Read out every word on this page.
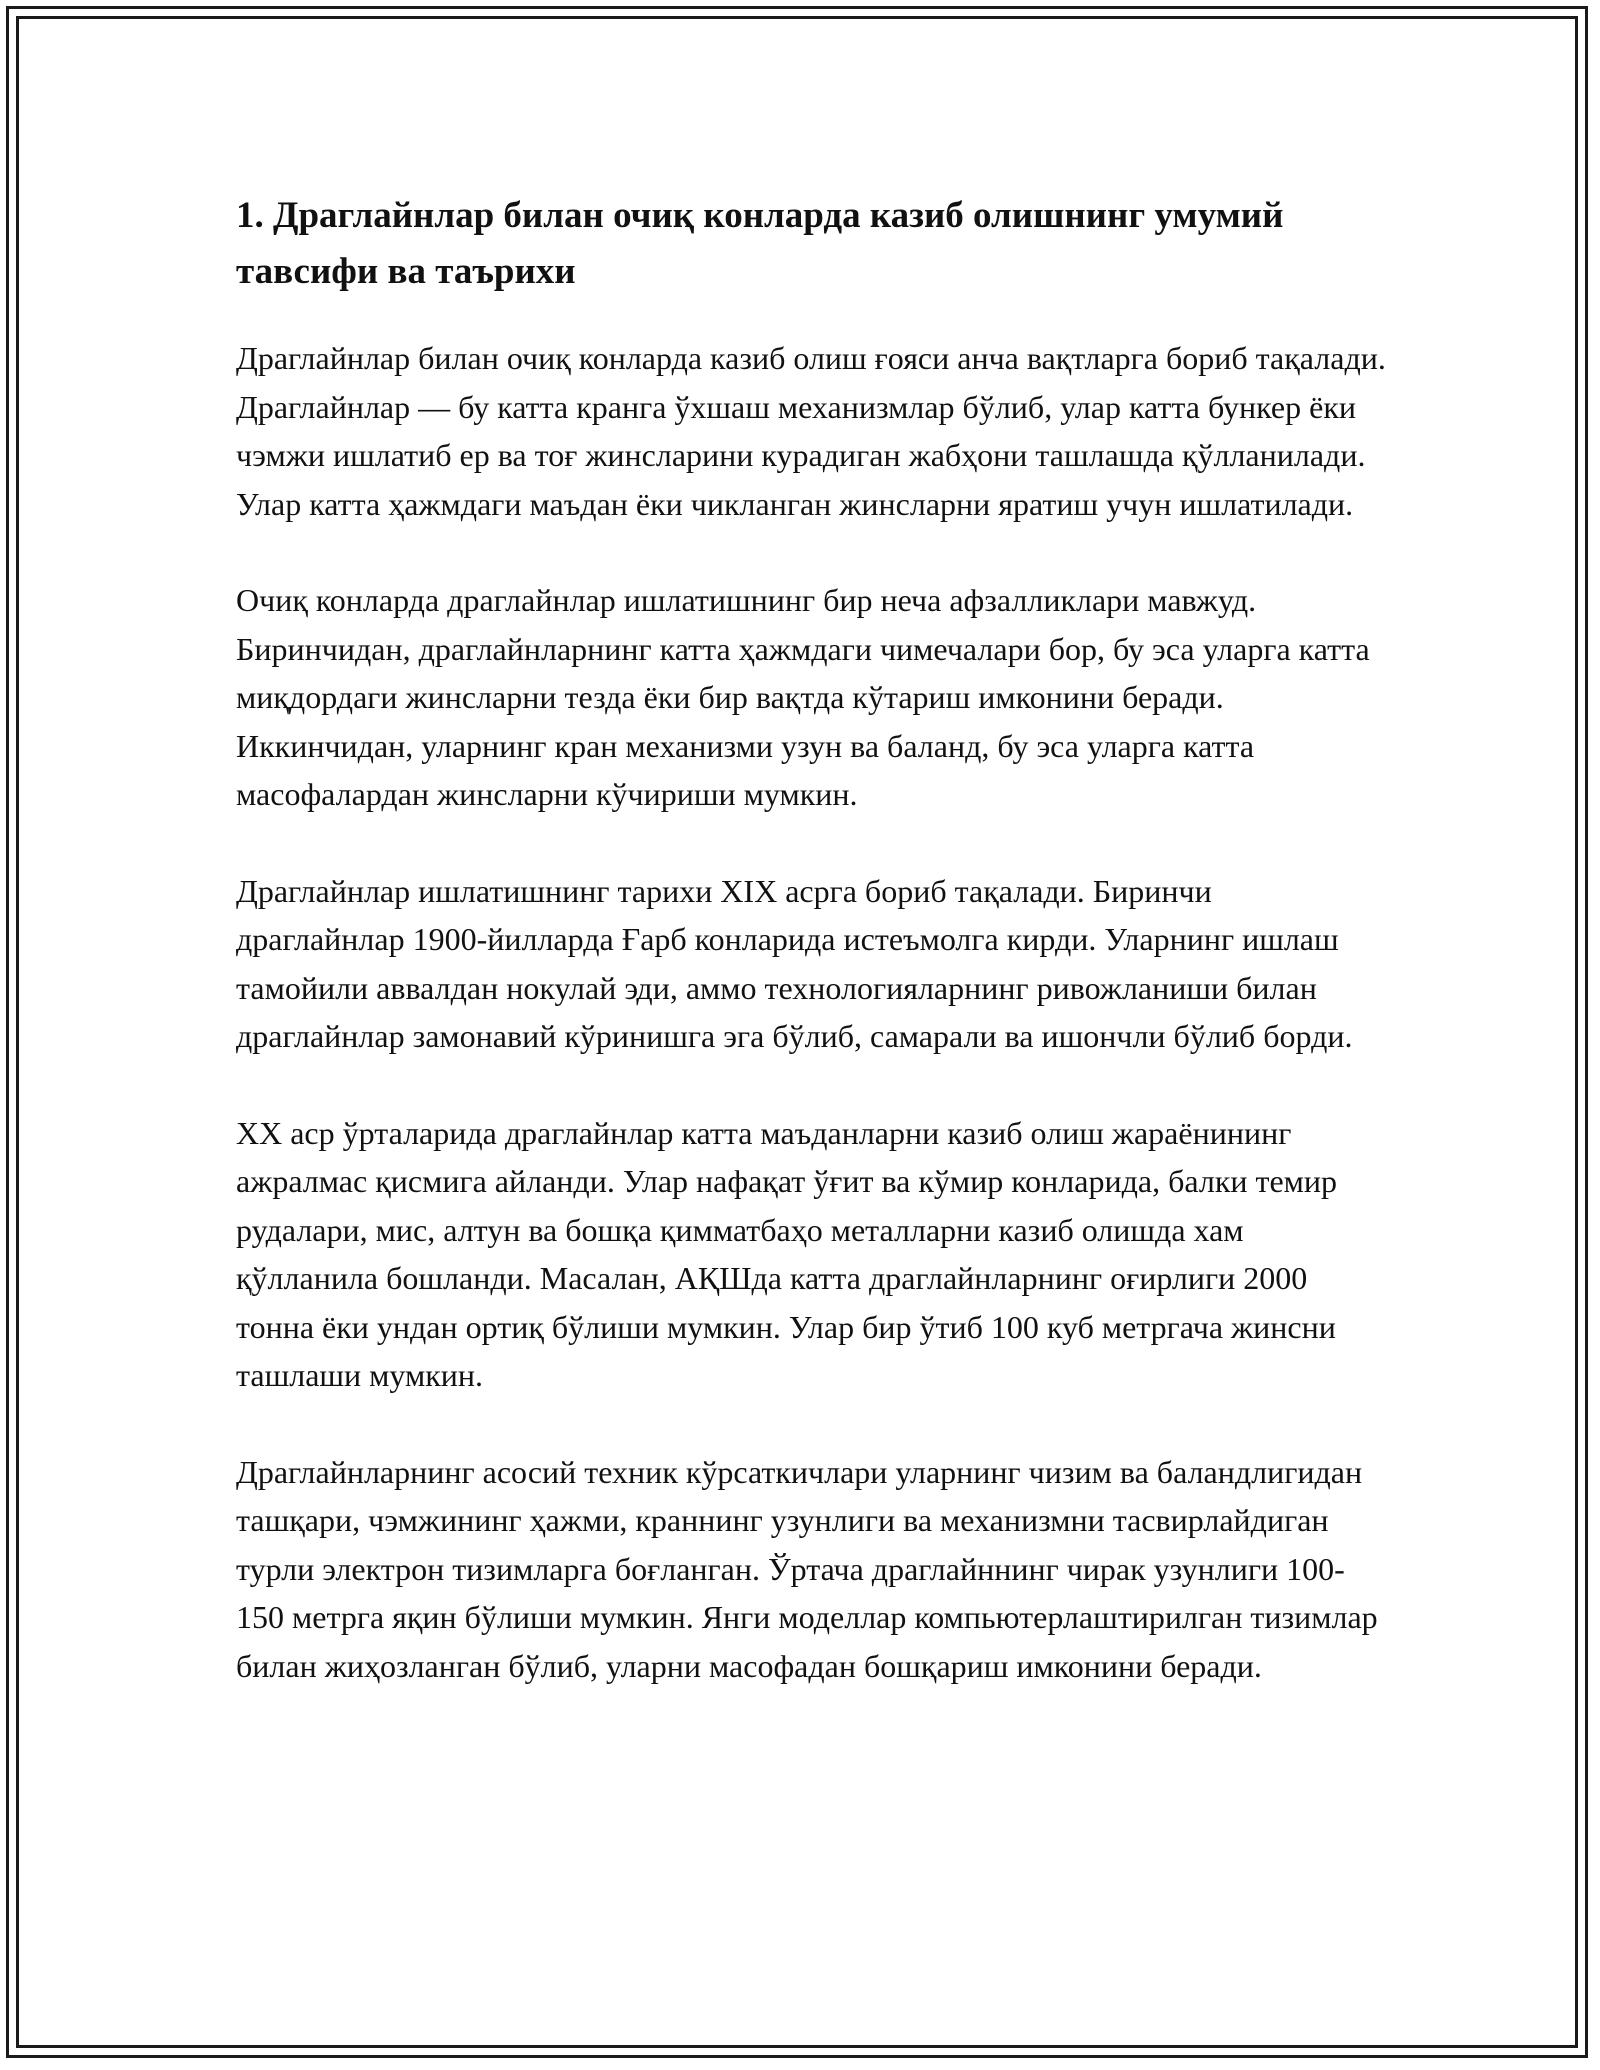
1. Драглайнлар билан очиқ конларда казиб олишнинг умумий тавсифи ва таърихи

Драглайнлар билан очиқ конларда казиб олиш ғояси анча вақтларга бориб тақалади. Драглайнлар — бу катта кранга ўхшаш механизмлар бўлиб, улар катта бункер ёки чэмжи ишлатиб ер ва тоғ жинсларини курадиган жабҳони ташлашда қўлланилади. Улар катта ҳажмдаги маъдан ёки чикланган жинсларни яратиш учун ишлатилади.

Очиқ конларда драглайнлар ишлатишнинг бир неча афзалликлари мавжуд. Биринчидан, драглайнларнинг катта ҳажмдаги чимечалари бор, бу эса уларга катта миқдордаги жинсларни тезда ёки бир вақтда кўтариш имконини беради. Иккинчидан, уларнинг кран механизми узун ва баланд, бу эса уларга катта масофалардан жинсларни кўчириши мумкин.

Драглайнлар ишлатишнинг тарихи XIX асрга бориб тақалади. Биринчи драглайнлар 1900-йилларда Ғарб конларида истеъмолга кирди. Уларнинг ишлаш тамойили аввалдан нокулай эди, аммо технологияларнинг ривожланиши билан драглайнлар замонавий кўринишга эга бўлиб, самарали ва ишончли бўлиб борди.

XX аср ўрталарида драглайнлар катта маъданларни казиб олиш жараёнининг ажралмас қисмига айланди. Улар нафақат ўғит ва кўмир конларида, балки темир рудалари, мис, алтун ва бошқа қимматбаҳо металларни казиб олишда хам қўлланила бошланди. Масалан, АҚШда катта драглайнларнинг оғирлиги 2000 тонна ёки ундан ортиқ бўлиши мумкин. Улар бир ўтиб 100 куб метргача жинсни ташлаши мумкин.

Драглайнларнинг асосий техник кўрсаткичлари уларнинг чизим ва баландлигидан ташқари, чэмжининг ҳажми, краннинг узунлиги ва механизмни тасвирлайдиган турли электрон тизимларга боғланган. Ўртача драглайннинг чирак узунлиги 100-150 метрга яқин бўлиши мумкин. Янги моделлар компьютерлаштирилган тизимлар билан жиҳозланган бўлиб, уларни масофадан бошқариш имконини беради.
